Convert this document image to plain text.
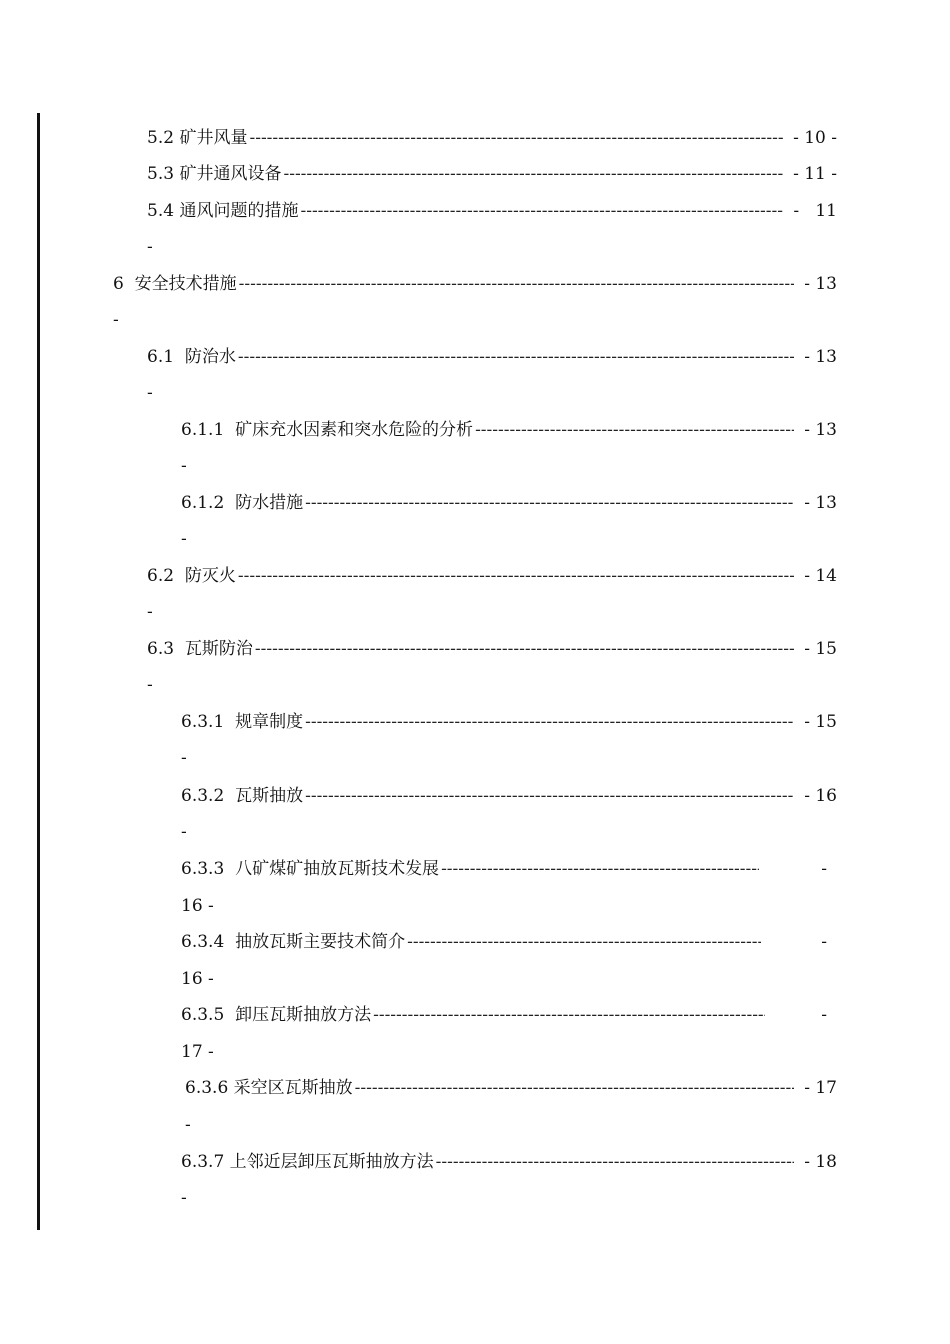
5.2 矿井风量 -----	- 10 -
5.3 矿井通风设备 -----	- 11 -
5.4 通风问题的措施 -----	-   11
-
6  安全技术措施 -----	- 13
-
6.1  防治水 -----	- 13
-
6.1.1  矿床充水因素和突水危险的分析 -----	- 13
-
6.1.2  防水措施 -----	- 13
-
6.2  防灭火 -----	- 14
-
6.3  瓦斯防治 -----	- 15
-
6.3.1  规章制度 -----	- 15
-
6.3.2  瓦斯抽放 -----	- 16
-
6.3.3  八矿煤矿抽放瓦斯技术发展 -----	-
16 -
6.3.4  抽放瓦斯主要技术简介 -----	-
16 -
6.3.5  卸压瓦斯抽放方法 -----	-
17 -
6.3.6 采空区瓦斯抽放 -----	- 17
-
6.3.7 上邻近层卸压瓦斯抽放方法 -----	- 18
-
